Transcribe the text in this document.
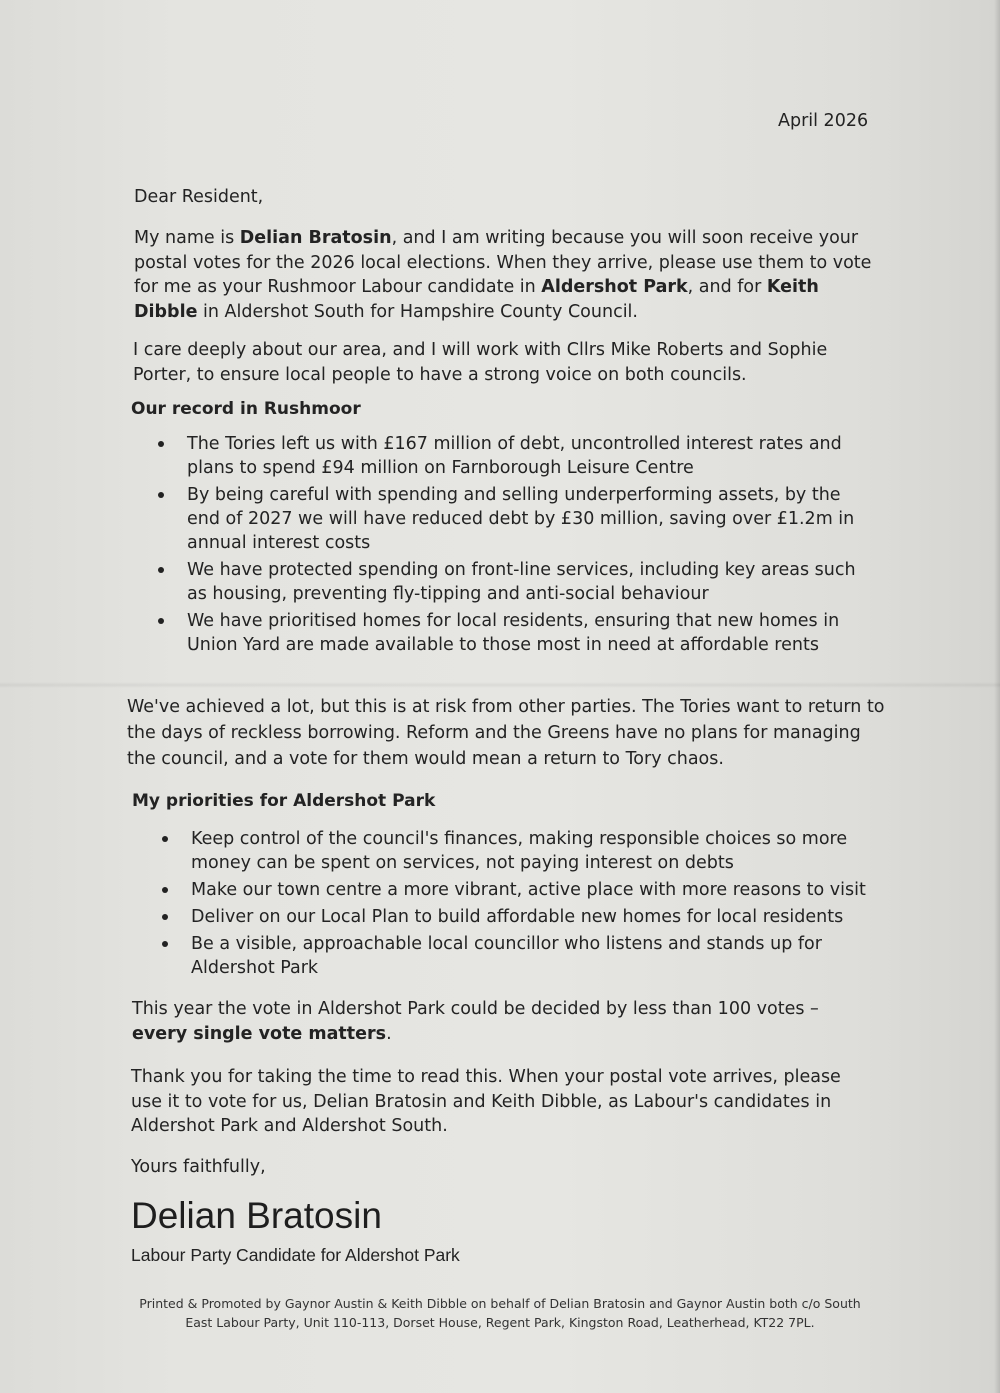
April 2026
Dear Resident,
My name is Delian Bratosin, and I am writing because you will soon receive your postal votes for the 2026 local elections. When they arrive, please use them to vote for me as your Rushmoor Labour candidate in Aldershot Park, and for Keith Dibble in Aldershot South for Hampshire County Council.
I care deeply about our area, and I will work with Cllrs Mike Roberts and Sophie Porter, to ensure local people to have a strong voice on both councils.
Our record in Rushmoor
The Tories left us with £167 million of debt, uncontrolled interest rates and plans to spend £94 million on Farnborough Leisure Centre
By being careful with spending and selling underperforming assets, by the end of 2027 we will have reduced debt by £30 million, saving over £1.2m in annual interest costs
We have protected spending on front-line services, including key areas such as housing, preventing fly-tipping and anti-social behaviour
We have prioritised homes for local residents, ensuring that new homes in Union Yard are made available to those most in need at affordable rents
We've achieved a lot, but this is at risk from other parties. The Tories want to return to the days of reckless borrowing. Reform and the Greens have no plans for managing the council, and a vote for them would mean a return to Tory chaos.
My priorities for Aldershot Park
Keep control of the council's finances, making responsible choices so more money can be spent on services, not paying interest on debts
Make our town centre a more vibrant, active place with more reasons to visit
Deliver on our Local Plan to build affordable new homes for local residents
Be a visible, approachable local councillor who listens and stands up for Aldershot Park
This year the vote in Aldershot Park could be decided by less than 100 votes –
every single vote matters.
Thank you for taking the time to read this. When your postal vote arrives, please use it to vote for us, Delian Bratosin and Keith Dibble, as Labour's candidates in Aldershot Park and Aldershot South.
Yours faithfully,
Delian Bratosin
Labour Party Candidate for Aldershot Park
Printed & Promoted by Gaynor Austin & Keith Dibble on behalf of Delian Bratosin and Gaynor Austin both c/o South East Labour Party, Unit 110-113, Dorset House, Regent Park, Kingston Road, Leatherhead, KT22 7PL.
